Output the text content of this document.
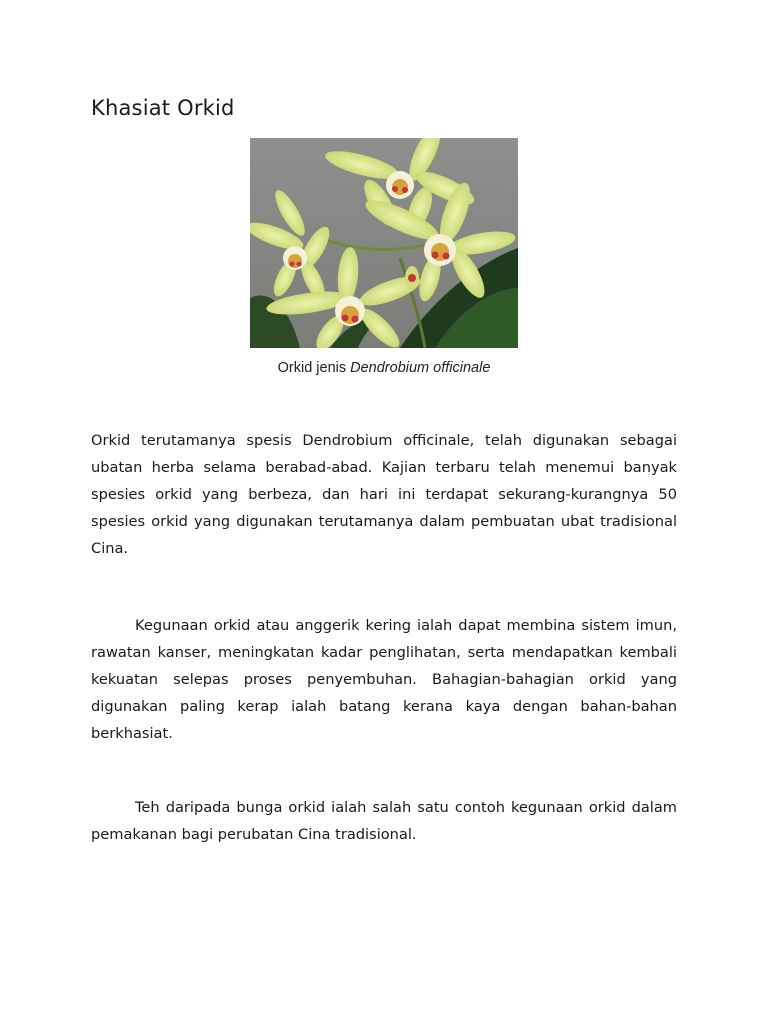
Khasiat Orkid
Orkid jenis Dendrobium officinale

Orkid terutamanya spesis Dendrobium officinale, telah digunakan sebagai ubatan herba selama berabad-abad. Kajian terbaru telah menemui banyak spesies orkid yang berbeza, dan hari ini terdapat sekurang-kurangnya 50 spesies orkid yang digunakan terutamanya dalam pembuatan ubat tradisional Cina.

Kegunaan orkid atau anggerik kering ialah dapat membina sistem imun, rawatan kanser, meningkatan kadar penglihatan, serta mendapatkan kembali kekuatan selepas proses penyembuhan. Bahagian-bahagian orkid yang digunakan paling kerap ialah batang kerana kaya dengan bahan-bahan berkhasiat.

Teh daripada bunga orkid ialah salah satu contoh kegunaan orkid dalam pemakanan bagi perubatan Cina tradisional.
